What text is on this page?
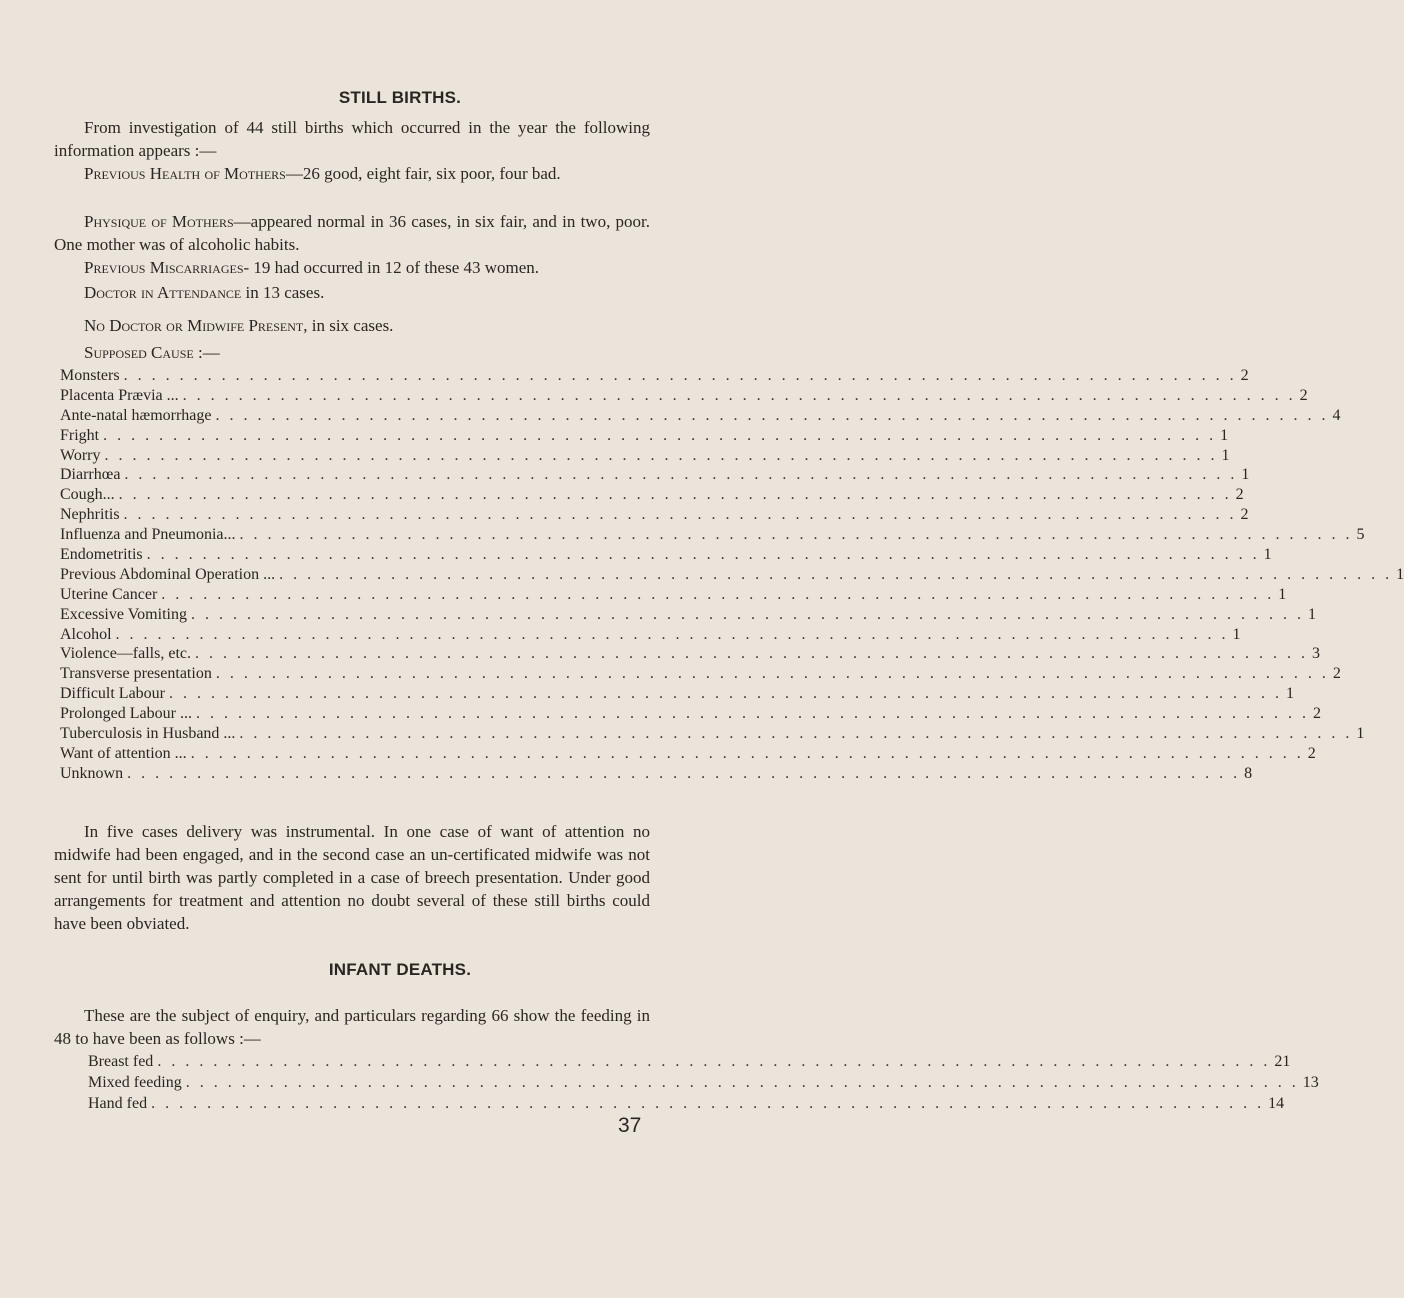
STILL BIRTHS.

From investigation of 44 still births which occurred in the year the following information appears :—

Previous Health of Mothers—26 good, eight fair, six poor, four bad.

Physique of Mothers—appeared normal in 36 cases, in six fair, and in two, poor. One mother was of alcoholic habits.

Previous Miscarriages- 19 had occurred in 12 of these 43 women.

Doctor in Attendance in 13 cases.

No Doctor or Midwife Present, in six cases.

Supposed Cause :—

Monsters . . . . . . . . . . . . . . . . . . . . . . . . . . . . . . . . . . . . . . . . . . . . . . . . . . . . . . . . . . . . . . . . . . . . . . . . . . . . . . . . 2
Placenta Prævia ... . . . . . . . . . . . . . . . . . . . . . . . . . . . . . . . . . . . . . . . . . . . . . . . . . . . . . . . . . . . . . . . . . . . . . . . . . . . . . . . . 2
Ante-natal hæmorrhage . . . . . . . . . . . . . . . . . . . . . . . . . . . . . . . . . . . . . . . . . . . . . . . . . . . . . . . . . . . . . . . . . . . . . . . . . . . . . . . . 4
Fright . . . . . . . . . . . . . . . . . . . . . . . . . . . . . . . . . . . . . . . . . . . . . . . . . . . . . . . . . . . . . . . . . . . . . . . . . . . . . . . . 1
Worry . . . . . . . . . . . . . . . . . . . . . . . . . . . . . . . . . . . . . . . . . . . . . . . . . . . . . . . . . . . . . . . . . . . . . . . . . . . . . . . . 1
Diarrhœa . . . . . . . . . . . . . . . . . . . . . . . . . . . . . . . . . . . . . . . . . . . . . . . . . . . . . . . . . . . . . . . . . . . . . . . . . . . . . . . . 1
Cough... . . . . . . . . . . . . . . . . . . . . . . . . . . . . . . . . . . . . . . . . . . . . . . . . . . . . . . . . . . . . . . . . . . . . . . . . . . . . . . . . 2
Nephritis . . . . . . . . . . . . . . . . . . . . . . . . . . . . . . . . . . . . . . . . . . . . . . . . . . . . . . . . . . . . . . . . . . . . . . . . . . . . . . . . 2
Influenza and Pneumonia... . . . . . . . . . . . . . . . . . . . . . . . . . . . . . . . . . . . . . . . . . . . . . . . . . . . . . . . . . . . . . . . . . . . . . . . . . . . . . . . . 5
Endometritis . . . . . . . . . . . . . . . . . . . . . . . . . . . . . . . . . . . . . . . . . . . . . . . . . . . . . . . . . . . . . . . . . . . . . . . . . . . . . . . . 1
Previous Abdominal Operation ... . . . . . . . . . . . . . . . . . . . . . . . . . . . . . . . . . . . . . . . . . . . . . . . . . . . . . . . . . . . . . . . . . . . . . . . . . . . . . . . . 1
Uterine Cancer . . . . . . . . . . . . . . . . . . . . . . . . . . . . . . . . . . . . . . . . . . . . . . . . . . . . . . . . . . . . . . . . . . . . . . . . . . . . . . . . 1
Excessive Vomiting . . . . . . . . . . . . . . . . . . . . . . . . . . . . . . . . . . . . . . . . . . . . . . . . . . . . . . . . . . . . . . . . . . . . . . . . . . . . . . . . 1
Alcohol . . . . . . . . . . . . . . . . . . . . . . . . . . . . . . . . . . . . . . . . . . . . . . . . . . . . . . . . . . . . . . . . . . . . . . . . . . . . . . . . 1
Violence—falls, etc. . . . . . . . . . . . . . . . . . . . . . . . . . . . . . . . . . . . . . . . . . . . . . . . . . . . . . . . . . . . . . . . . . . . . . . . . . . . . . . . . 3
Transverse presentation . . . . . . . . . . . . . . . . . . . . . . . . . . . . . . . . . . . . . . . . . . . . . . . . . . . . . . . . . . . . . . . . . . . . . . . . . . . . . . . . 2
Difficult Labour . . . . . . . . . . . . . . . . . . . . . . . . . . . . . . . . . . . . . . . . . . . . . . . . . . . . . . . . . . . . . . . . . . . . . . . . . . . . . . . . 1
Prolonged Labour ... . . . . . . . . . . . . . . . . . . . . . . . . . . . . . . . . . . . . . . . . . . . . . . . . . . . . . . . . . . . . . . . . . . . . . . . . . . . . . . . . 2
Tuberculosis in Husband ... . . . . . . . . . . . . . . . . . . . . . . . . . . . . . . . . . . . . . . . . . . . . . . . . . . . . . . . . . . . . . . . . . . . . . . . . . . . . . . . . 1
Want of attention ... . . . . . . . . . . . . . . . . . . . . . . . . . . . . . . . . . . . . . . . . . . . . . . . . . . . . . . . . . . . . . . . . . . . . . . . . . . . . . . . . 2
Unknown . . . . . . . . . . . . . . . . . . . . . . . . . . . . . . . . . . . . . . . . . . . . . . . . . . . . . . . . . . . . . . . . . . . . . . . . . . . . . . . . 8

In five cases delivery was instrumental. In one case of want of attention no midwife had been engaged, and in the second case an un-certificated midwife was not sent for until birth was partly completed in a case of breech presentation. Under good arrangements for treatment and attention no doubt several of these still births could have been obviated.

INFANT DEATHS.

These are the subject of enquiry, and particulars regarding 66 show the feeding in 48 to have been as follows :—

Breast fed . . . . . . . . . . . . . . . . . . . . . . . . . . . . . . . . . . . . . . . . . . . . . . . . . . . . . . . . . . . . . . . . . . . . . . . . . . . . . . . . 21
Mixed feeding . . . . . . . . . . . . . . . . . . . . . . . . . . . . . . . . . . . . . . . . . . . . . . . . . . . . . . . . . . . . . . . . . . . . . . . . . . . . . . . . 13
Hand fed . . . . . . . . . . . . . . . . . . . . . . . . . . . . . . . . . . . . . . . . . . . . . . . . . . . . . . . . . . . . . . . . . . . . . . . . . . . . . . . . 14

37
